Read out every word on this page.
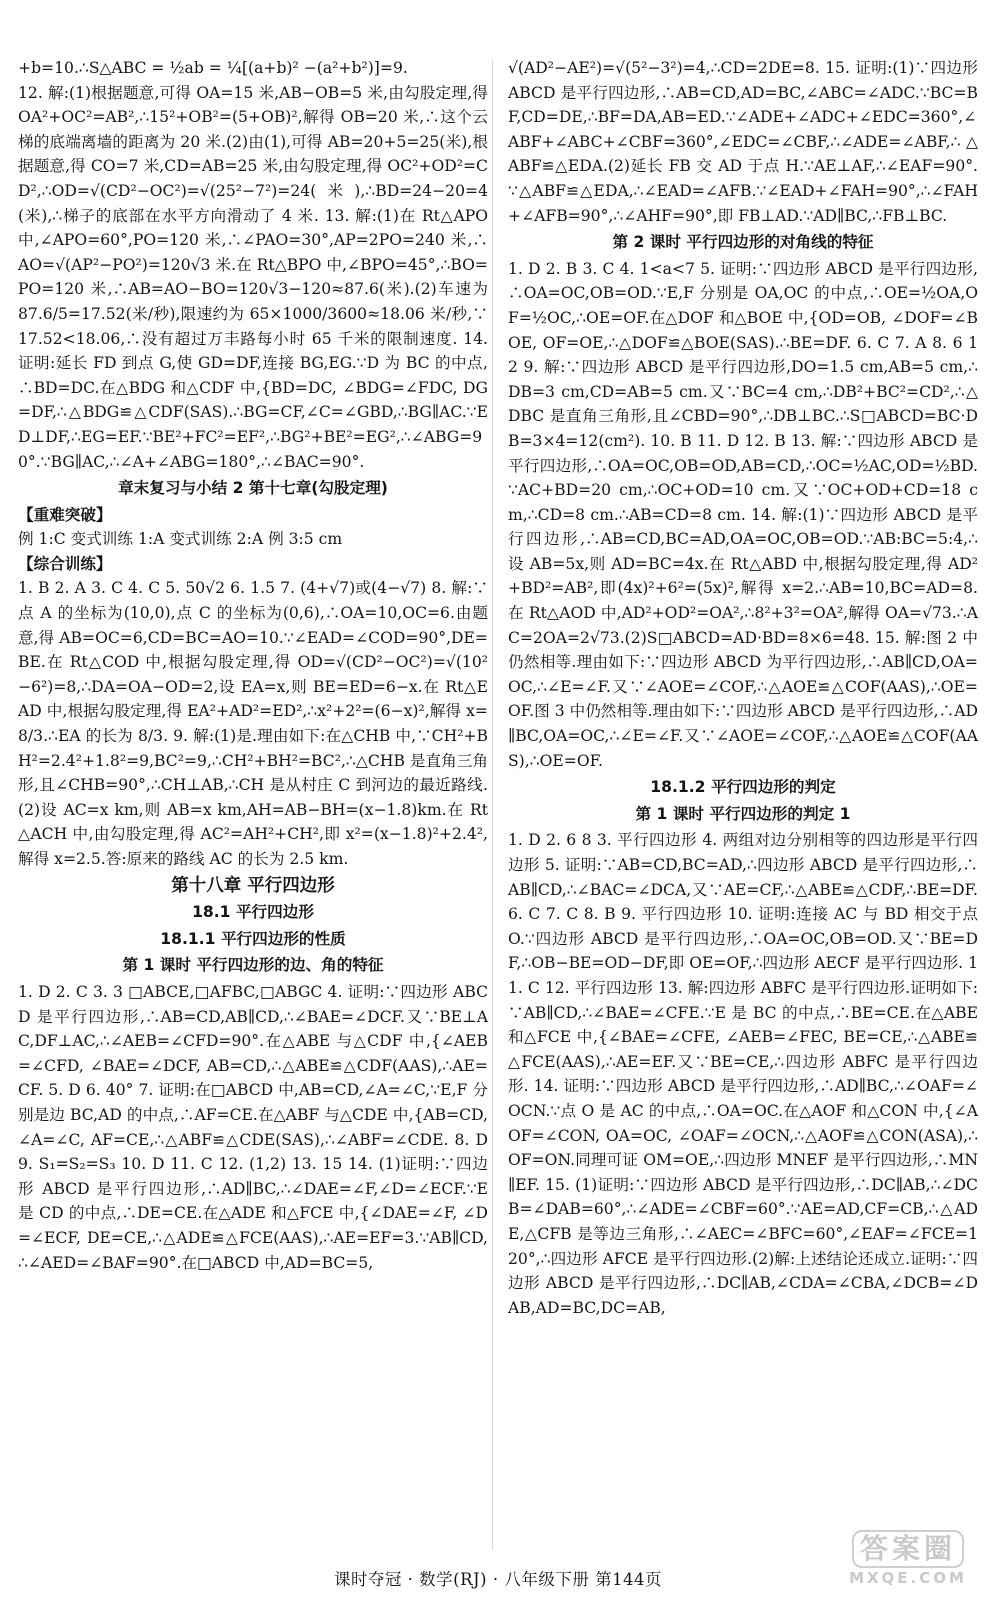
+b=10.∴S△ABC = ½ab = ¼[(a+b)² −(a²+b²)]=9.
12. 解:(1)根据题意,可得 OA=15 米,AB−OB=5 米,由勾股定理,得 OA²+OC²=AB²,∴15²+OB²=(5+OB)²,解得 OB=20 米,∴这个云梯的底端离墙的距离为 20 米.(2)由(1),可得 AB=20+5=25(米),根据题意,得 CO=7 米,CD=AB=25 米,由勾股定理,得 OC²+OD²=CD²,∴OD=√(CD²−OC²)=√(25²−7²)=24(米),∴BD=24−20=4(米),∴梯子的底部在水平方向滑动了 4 米. 13. 解:(1)在 Rt△APO 中,∠APO=60°,PO=120 米,∴∠PAO=30°,AP=2PO=240 米,∴AO=√(AP²−PO²)=120√3 米.在 Rt△BPO 中,∠BPO=45°,∴BO=PO=120 米,∴AB=AO−BO=120√3−120≈87.6(米).(2)车速为 87.6/5=17.52(米/秒),限速约为 65×1000/3600≈18.06 米/秒,∵17.52<18.06,∴没有超过万丰路每小时 65 千米的限制速度. 14. 证明:延长 FD 到点 G,使 GD=DF,连接 BG,EG.∵D 为 BC 的中点,∴BD=DC.在△BDG 和△CDF 中,{BD=DC, ∠BDG=∠FDC, DG=DF,∴△BDG≌△CDF(SAS).∴BG=CF,∠C=∠GBD,∴BG∥AC.∵ED⊥DF,∴EG=EF.∵BE²+FC²=EF²,∴BG²+BE²=EG²,∴∠ABG=90°.∵BG∥AC,∴∠A+∠ABG=180°,∴∠BAC=90°.
章末复习与小结 2 第十七章(勾股定理)
【重难突破】
例 1:C 变式训练 1:A 变式训练 2:A 例 3:5 cm
【综合训练】
1. B 2. A 3. C 4. C 5. 50√2 6. 1.5 7. (4+√7)或(4−√7) 8. 解:∵点 A 的坐标为(10,0),点 C 的坐标为(0,6),∴OA=10,OC=6.由题意,得 AB=OC=6,CD=BC=AO=10.∵∠EAD=∠COD=90°,DE=BE.在 Rt△COD 中,根据勾股定理,得 OD=√(CD²−OC²)=√(10²−6²)=8,∴DA=OA−OD=2,设 EA=x,则 BE=ED=6−x.在 Rt△EAD 中,根据勾股定理,得 EA²+AD²=ED²,∴x²+2²=(6−x)²,解得 x=8/3.∴EA 的长为 8/3. 9. 解:(1)是.理由如下:在△CHB 中,∵CH²+BH²=2.4²+1.8²=9,BC²=9,∴CH²+BH²=BC²,∴△CHB 是直角三角形,且∠CHB=90°,∴CH⊥AB,∴CH 是从村庄 C 到河边的最近路线.(2)设 AC=x km,则 AB=x km,AH=AB−BH=(x−1.8)km.在 Rt△ACH 中,由勾股定理,得 AC²=AH²+CH²,即 x²=(x−1.8)²+2.4²,解得 x=2.5.答:原来的路线 AC 的长为 2.5 km.
第十八章 平行四边形
18.1 平行四边形
18.1.1 平行四边形的性质
第 1 课时 平行四边形的边、角的特征
1. D 2. C 3. 3 □ABCE,□AFBC,□ABGC 4. 证明:∵四边形 ABCD 是平行四边形,∴AB=CD,AB∥CD,∴∠BAE=∠DCF.又∵BE⊥AC,DF⊥AC,∴∠AEB=∠CFD=90°.在△ABE 与△CDF 中,{∠AEB=∠CFD, ∠BAE=∠DCF, AB=CD,∴△ABE≌△CDF(AAS),∴AE=CF. 5. D 6. 40° 7. 证明:在□ABCD 中,AB=CD,∠A=∠C,∵E,F 分别是边 BC,AD 的中点,∴AF=CE.在△ABF 与△CDE 中,{AB=CD, ∠A=∠C, AF=CE,∴△ABF≌△CDE(SAS),∴∠ABF=∠CDE. 8. D 9. S₁=S₂=S₃ 10. D 11. C 12. (1,2) 13. 15 14. (1)证明:∵四边形 ABCD 是平行四边形,∴AD∥BC,∴∠DAE=∠F,∠D=∠ECF.∵E 是 CD 的中点,∴DE=CE.在△ADE 和△FCE 中,{∠DAE=∠F, ∠D=∠ECF, DE=CE,∴△ADE≌△FCE(AAS),∴AE=EF=3.∵AB∥CD,∴∠AED=∠BAF=90°.在□ABCD 中,AD=BC=5,
√(AD²−AE²)=√(5²−3²)=4,∴CD=2DE=8. 15. 证明:(1)∵四边形 ABCD 是平行四边形,∴AB=CD,AD=BC,∠ABC=∠ADC.∵BC=BF,CD=DE,∴BF=DA,AB=ED.∵∠ADE+∠ADC+∠EDC=360°,∠ABF+∠ABC+∠CBF=360°,∠EDC=∠CBF,∴∠ADE=∠ABF,∴△ABF≌△EDA.(2)延长 FB 交 AD 于点 H.∵AE⊥AF,∴∠EAF=90°.∵△ABF≌△EDA,∴∠EAD=∠AFB.∵∠EAD+∠FAH=90°,∴∠FAH+∠AFB=90°,∴∠AHF=90°,即 FB⊥AD.∵AD∥BC,∴FB⊥BC.
第 2 课时 平行四边形的对角线的特征
1. D 2. B 3. C 4. 1<a<7 5. 证明:∵四边形 ABCD 是平行四边形,∴OA=OC,OB=OD.∵E,F 分别是 OA,OC 的中点,∴OE=½OA,OF=½OC,∴OE=OF.在△DOF 和△BOE 中,{OD=OB, ∠DOF=∠BOE, OF=OE,∴△DOF≌△BOE(SAS).∴BE=DF. 6. C 7. A 8. 6 12 9. 解:∵四边形 ABCD 是平行四边形,DO=1.5 cm,AB=5 cm,∴DB=3 cm,CD=AB=5 cm.又∵BC=4 cm,∴DB²+BC²=CD²,∴△DBC 是直角三角形,且∠CBD=90°,∴DB⊥BC.∴S□ABCD=BC·DB=3×4=12(cm²). 10. B 11. D 12. B 13. 解:∵四边形 ABCD 是平行四边形,∴OA=OC,OB=OD,AB=CD,∴OC=½AC,OD=½BD.∵AC+BD=20 cm,∴OC+OD=10 cm.又∵OC+OD+CD=18 cm,∴CD=8 cm.∴AB=CD=8 cm. 14. 解:(1)∵四边形 ABCD 是平行四边形,∴AB=CD,BC=AD,OA=OC,OB=OD.∵AB:BC=5:4,∴设 AB=5x,则 AD=BC=4x.在 Rt△ABD 中,根据勾股定理,得 AD²+BD²=AB²,即(4x)²+6²=(5x)²,解得 x=2.∴AB=10,BC=AD=8.在 Rt△AOD 中,AD²+OD²=OA²,∴8²+3²=OA²,解得 OA=√73.∴AC=2OA=2√73.(2)S□ABCD=AD·BD=8×6=48. 15. 解:图 2 中仍然相等.理由如下:∵四边形 ABCD 为平行四边形,∴AB∥CD,OA=OC,∴∠E=∠F.又∵∠AOE=∠COF,∴△AOE≌△COF(AAS),∴OE=OF.图 3 中仍然相等.理由如下:∵四边形 ABCD 是平行四边形,∴AD∥BC,OA=OC,∴∠E=∠F.又∵∠AOE=∠COF,∴△AOE≌△COF(AAS),∴OE=OF.
18.1.2 平行四边形的判定
第 1 课时 平行四边形的判定 1
1. D 2. 6 8 3. 平行四边形 4. 两组对边分别相等的四边形是平行四边形 5. 证明:∵AB=CD,BC=AD,∴四边形 ABCD 是平行四边形,∴AB∥CD,∴∠BAC=∠DCA,又∵AE=CF,∴△ABE≌△CDF,∴BE=DF. 6. C 7. C 8. B 9. 平行四边形 10. 证明:连接 AC 与 BD 相交于点 O.∵四边形 ABCD 是平行四边形,∴OA=OC,OB=OD.又∵BE=DF,∴OB−BE=OD−DF,即 OE=OF,∴四边形 AECF 是平行四边形. 11. C 12. 平行四边形 13. 解:四边形 ABFC 是平行四边形.证明如下:∵AB∥CD,∴∠BAE=∠CFE.∵E 是 BC 的中点,∴BE=CE.在△ABE 和△FCE 中,{∠BAE=∠CFE, ∠AEB=∠FEC, BE=CE,∴△ABE≌△FCE(AAS),∴AE=EF.又∵BE=CE,∴四边形 ABFC 是平行四边形. 14. 证明:∵四边形 ABCD 是平行四边形,∴AD∥BC,∴∠OAF=∠OCN.∵点 O 是 AC 的中点,∴OA=OC.在△AOF 和△CON 中,{∠AOF=∠CON, OA=OC, ∠OAF=∠OCN,∴△AOF≌△CON(ASA),∴OF=ON.同理可证 OM=OE,∴四边形 MNEF 是平行四边形,∴MN∥EF. 15. (1)证明:∵四边形 ABCD 是平行四边形,∴DC∥AB,∴∠DCB=∠DAB=60°,∴∠ADE=∠CBF=60°.∵AE=AD,CF=CB,∴△ADE,△CFB 是等边三角形,∴∠AEC=∠BFC=60°,∠EAF=∠FCE=120°,∴四边形 AFCE 是平行四边形.(2)解:上述结论还成立.证明:∵四边形 ABCD 是平行四边形,∴DC∥AB,∠CDA=∠CBA,∠DCB=∠DAB,AD=BC,DC=AB,
课时夺冠 · 数学(RJ) · 八年级下册 第144页
答案圈
MXQE.COM
